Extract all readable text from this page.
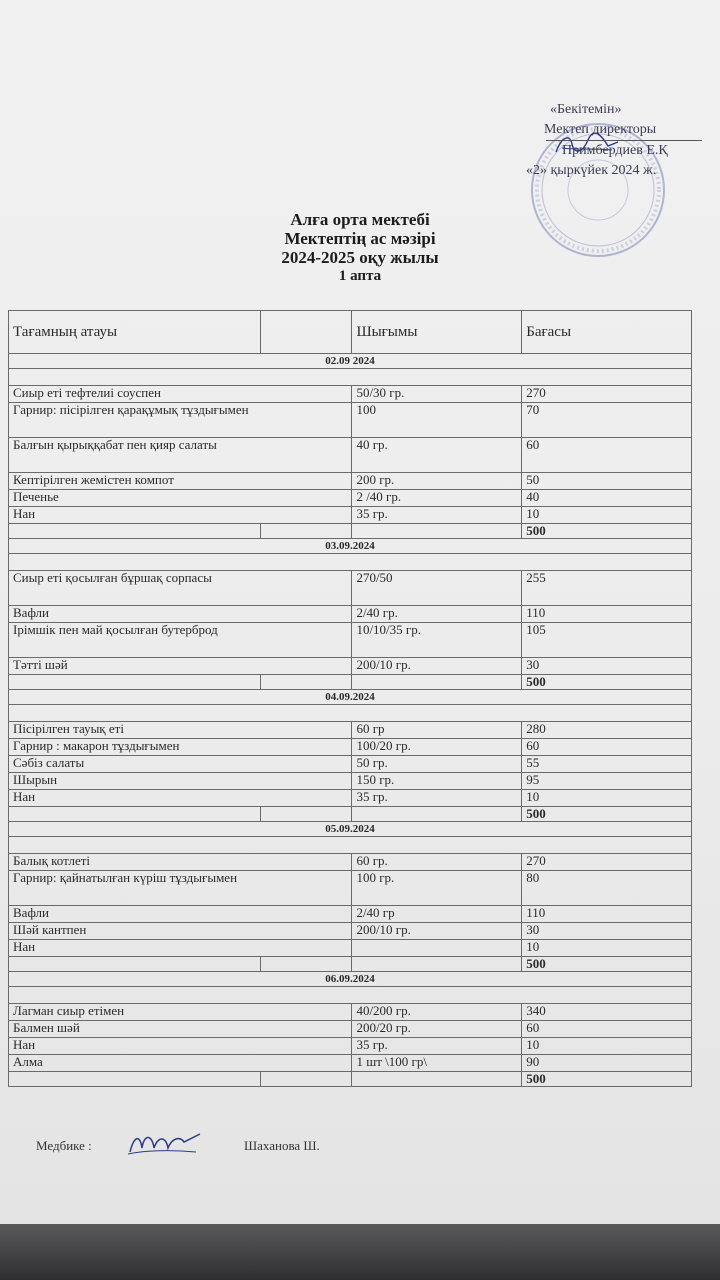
«Бекітемін»
Мектеп директоры
Примбердиев Е.Қ
«2» қыркүйек 2024 ж.
Алға орта мектебі
Мектептің ас мәзірі
2024-2025 оқу жылы
1 апта
Тағамның атауы		Шығымы	Бағасы
02.09 2024			

Сиыр еті тефтелиі соуспен		50/30 гр.	270
Гарнир: пісірілген қарақұмық тұздығымен		100	70
Балғын қырыққабат пен қияр салаты		40 гр.	60
Кептірілген жемістен компот		200 гр.	50
Печенье		2 /40 гр.	40
Нан		35 гр.	10
			500
03.09.2024			

Сиыр еті қосылған бұршақ сорпасы		270/50	255
Вафли		2/40 гр.	110
Ірімшік пен май қосылған бутерброд		10/10/35 гр.	105
Тәтті шәй		200/10 гр.	30
			500
04.09.2024			

Пісірілген тауық еті		60 гр	280
Гарнир : макарон тұздығымен		100/20 гр.	60
Сәбіз салаты		50 гр.	55
Шырын		150 гр.	95
Нан		35 гр.	10
			500
05.09.2024			

Балық котлеті		60 гр.	270
Гарнир: қайнатылған күріш тұздығымен		100 гр.	80
Вафли		2/40 гр	110
Шәй кантпен		200/10 гр.	30
Нан			10
			500
06.09.2024			

Лагман сиыр етімен		40/200 гр.	340
Балмен шәй		200/20 гр.	60
Нан		35 гр.	10
Алма		1 шт \100 гр\	90
			500
Медбике :	Шаханова Ш.
